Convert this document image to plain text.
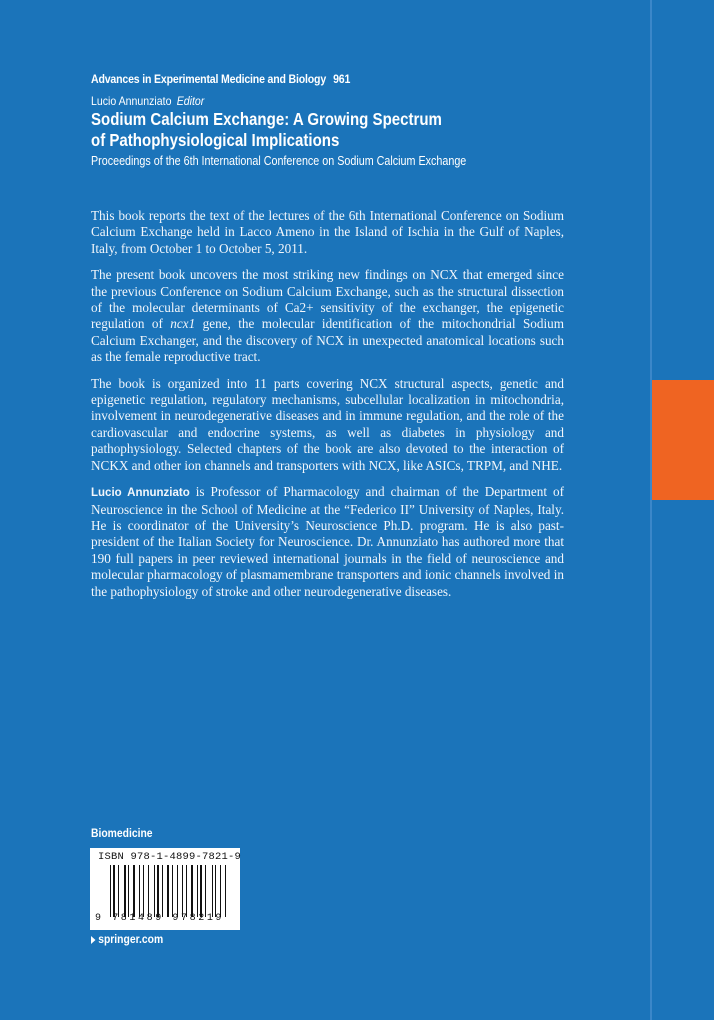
Advances in Experimental Medicine and Biology 961
Lucio Annunziato Editor
Sodium Calcium Exchange: A Growing Spectrum
of Pathophysiological Implications
Proceedings of the 6th International Conference on Sodium Calcium Exchange

This book reports the text of the lectures of the 6th International Conference on Sodium Calcium Exchange held in Lacco Ameno in the Island of Ischia in the Gulf of Naples, Italy, from October 1 to October 5, 2011.

The present book uncovers the most striking new findings on NCX that emerged since the previous Conference on Sodium Calcium Exchange, such as the structural dissection of the molecular determinants of Ca2+ sensitivity of the exchanger, the epigenetic regulation of ncx1 gene, the molecular identification of the mitochondrial Sodium Calcium Exchanger, and the discovery of NCX in unexpected anatomical locations such as the female reproductive tract.

The book is organized into 11 parts covering NCX structural aspects, genetic and epigenetic regulation, regulatory mechanisms, subcellular localization in mitochondria, involvement in neurodegenerative diseases and in immune regulation, and the role of the cardiovascular and endocrine systems, as well as diabetes in physiology and pathophysiology. Selected chapters of the book are also devoted to the interaction of NCKX and other ion channels and transporters with NCX, like ASICs, TRPM, and NHE.

Lucio Annunziato is Professor of Pharmacology and chairman of the Department of Neuroscience in the School of Medicine at the “Federico II” University of Naples, Italy. He is coordinator of the University’s Neuroscience Ph.D. program. He is also past-president of the Italian Society for Neuroscience. Dr. Annunziato has authored more that 190 full papers in peer reviewed international journals in the field of neuroscience and molecular pharmacology of plasmamembrane transporters and ionic channels involved in the pathophysiology of stroke and other neurodegenerative diseases.

Biomedicine
ISBN 978-1-4899-7821-9
9 781489 978219
springer.com
